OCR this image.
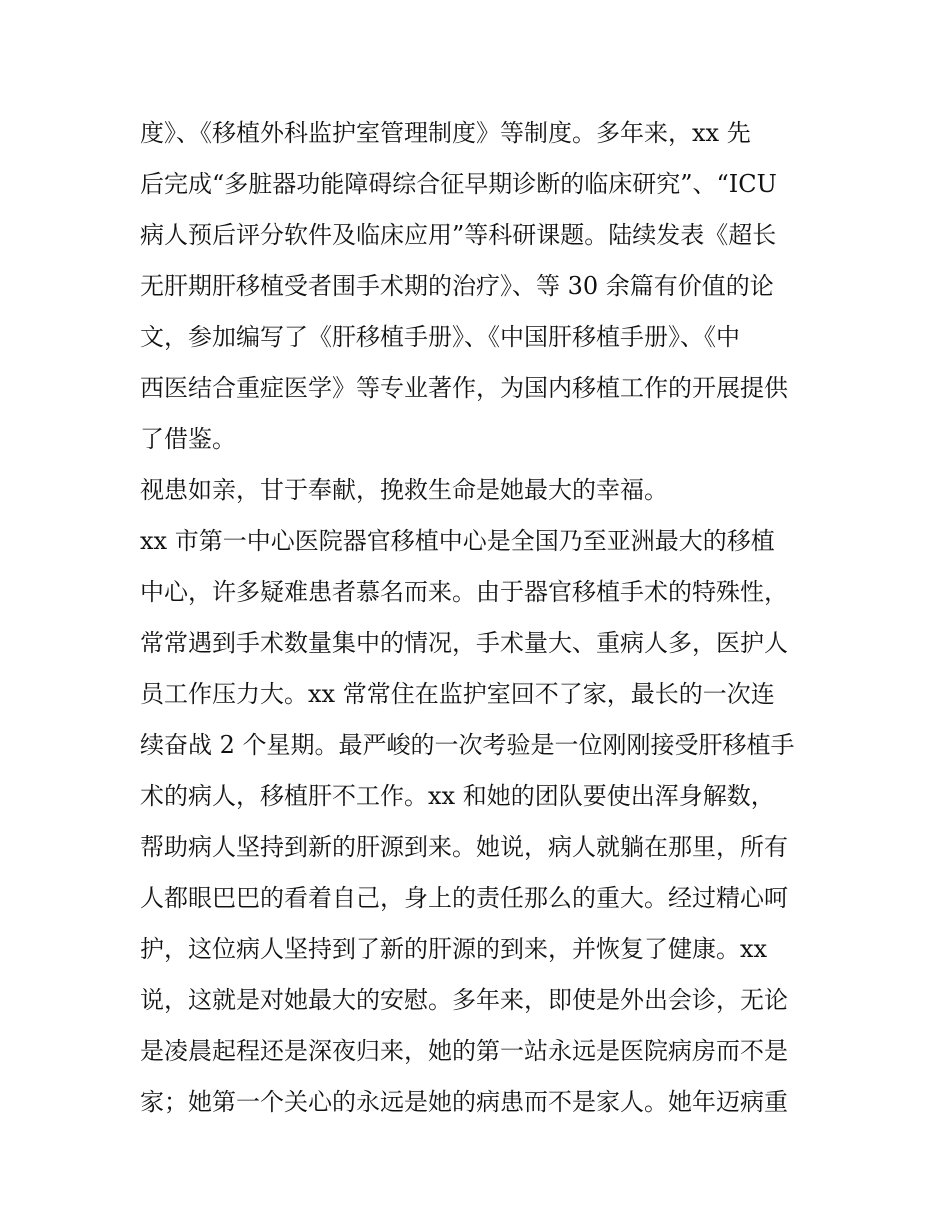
度》、《移植外科监护室管理制度》等制度。多年来，xx 先
后完成“多脏器功能障碍综合征早期诊断的临床研究”、“ICU
病人预后评分软件及临床应用”等科研课题。陆续发表《超长
无肝期肝移植受者围手术期的治疗》、等 30 余篇有价值的论
文，参加编写了《肝移植手册》、《中国肝移植手册》、《中
西医结合重症医学》等专业著作，为国内移植工作的开展提供
了借鉴。
视患如亲，甘于奉献，挽救生命是她最大的幸福。
xx 市第一中心医院器官移植中心是全国乃至亚洲最大的移植
中心，许多疑难患者慕名而来。由于器官移植手术的特殊性，
常常遇到手术数量集中的情况，手术量大、重病人多，医护人
员工作压力大。xx 常常住在监护室回不了家，最长的一次连
续奋战 2 个星期。最严峻的一次考验是一位刚刚接受肝移植手
术的病人，移植肝不工作。xx 和她的团队要使出浑身解数，
帮助病人坚持到新的肝源到来。她说，病人就躺在那里，所有
人都眼巴巴的看着自己，身上的责任那么的重大。经过精心呵
护，这位病人坚持到了新的肝源的到来，并恢复了健康。xx
说，这就是对她最大的安慰。多年来，即使是外出会诊，无论
是凌晨起程还是深夜归来，她的第一站永远是医院病房而不是
家；她第一个关心的永远是她的病患而不是家人。她年迈病重
